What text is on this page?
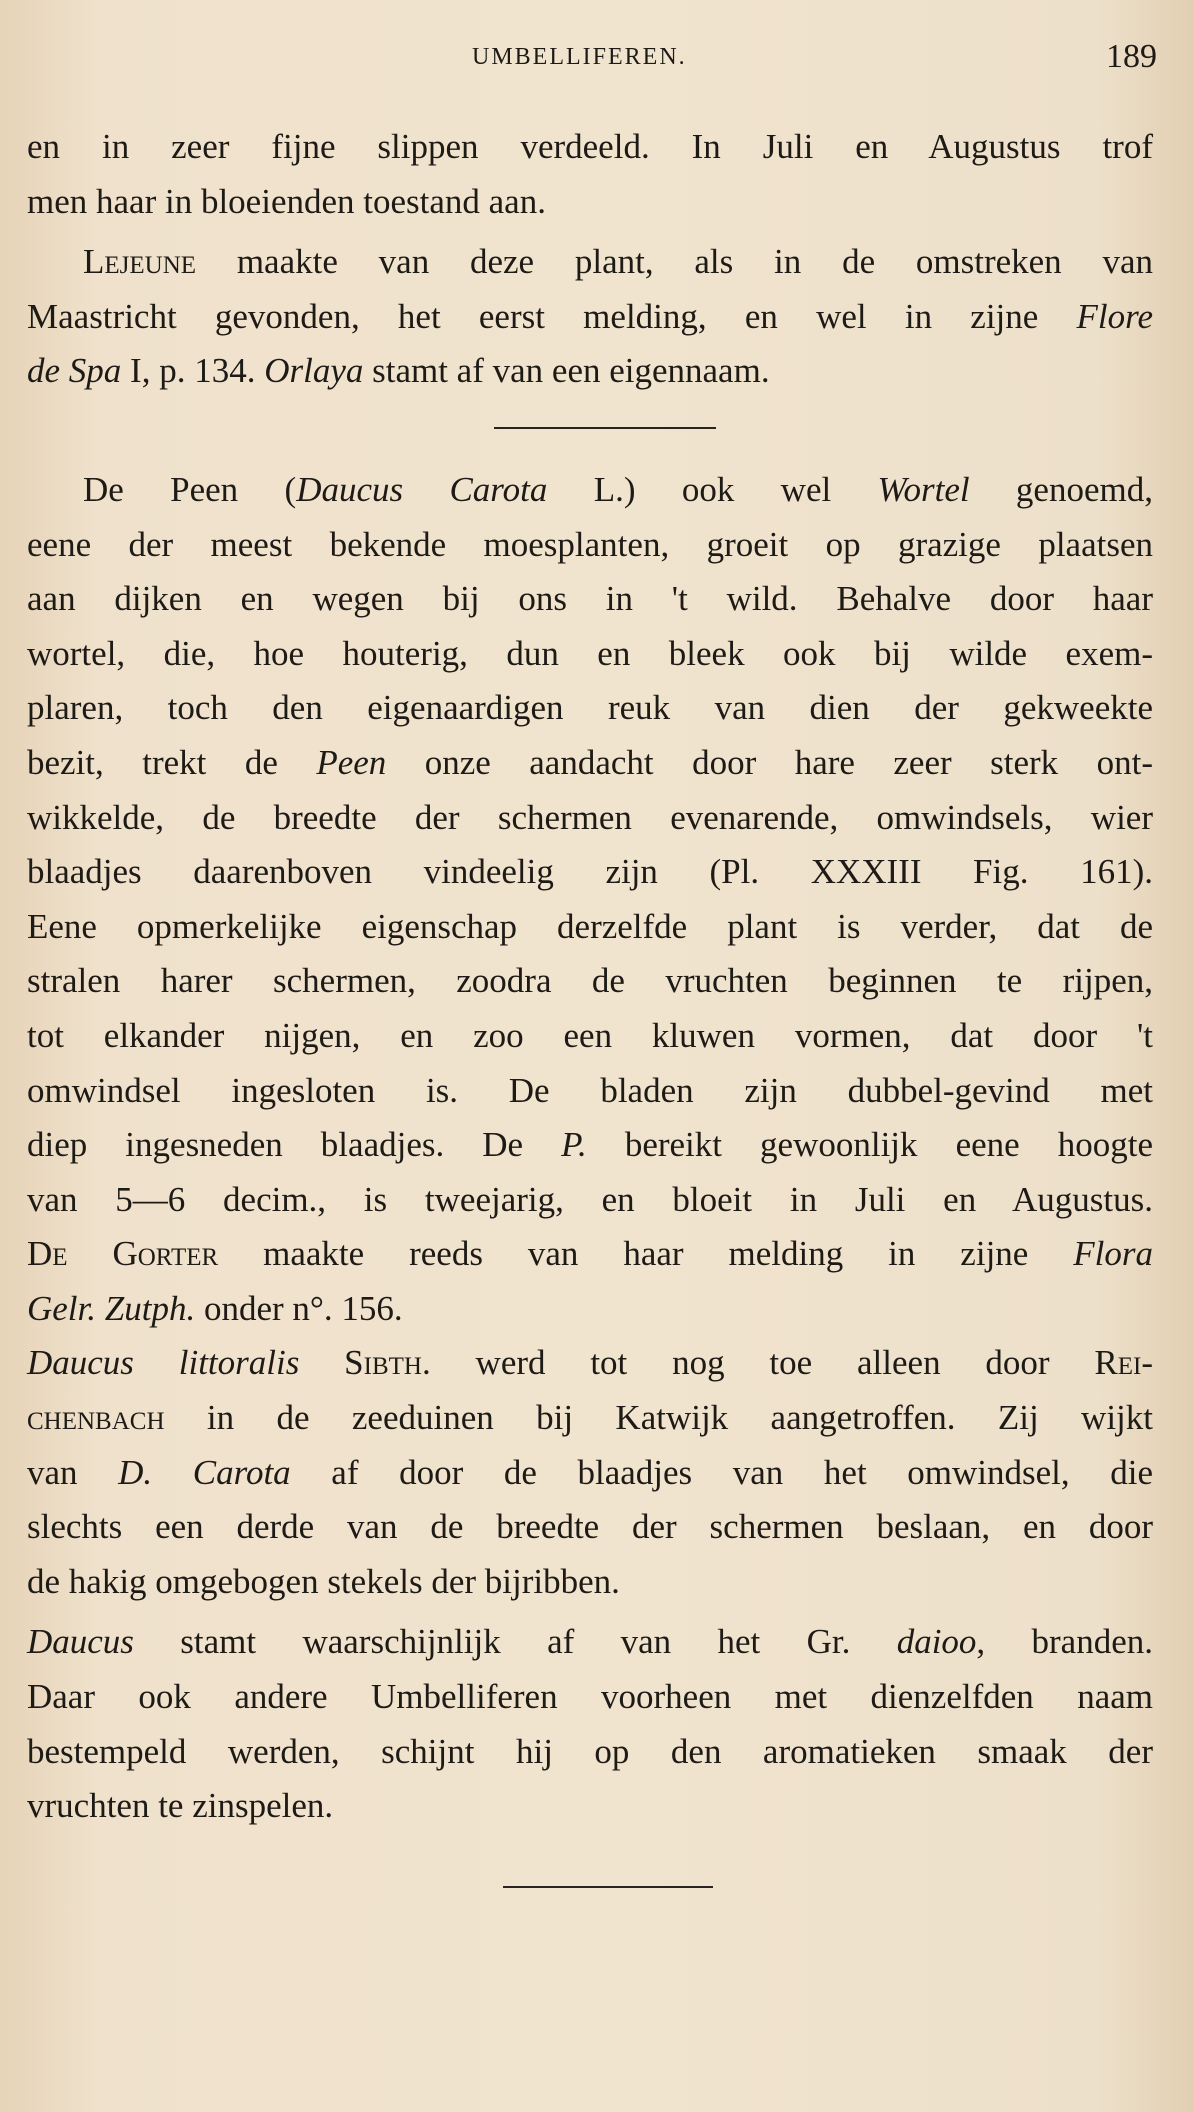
UMBELLIFEREN.	189

en in zeer fijne slippen verdeeld. In Juli en Augustus trof
men haar in bloeienden toestand aan.

Lejeune maakte van deze plant, als in de omstreken van
Maastricht gevonden, het eerst melding, en wel in zijne Flore
de Spa I, p. 134. Orlaya stamt af van een eigennaam.

De Peen (Daucus Carota L.) ook wel Wortel genoemd,
eene der meest bekende moesplanten, groeit op grazige plaatsen
aan dijken en wegen bij ons in 't wild. Behalve door haar
wortel, die, hoe houterig, dun en bleek ook bij wilde exem-
plaren, toch den eigenaardigen reuk van dien der gekweekte
bezit, trekt de Peen onze aandacht door hare zeer sterk ont-
wikkelde, de breedte der schermen evenarende, omwindsels, wier
blaadjes daarenboven vindeelig zijn (Pl. XXXIII Fig. 161).
Eene opmerkelijke eigenschap derzelfde plant is verder, dat de
stralen harer schermen, zoodra de vruchten beginnen te rijpen,
tot elkander nijgen, en zoo een kluwen vormen, dat door 't
omwindsel ingesloten is. De bladen zijn dubbel-gevind met
diep ingesneden blaadjes. De P. bereikt gewoonlijk eene hoogte
van 5—6 decim., is tweejarig, en bloeit in Juli en Augustus.
De Gorter maakte reeds van haar melding in zijne Flora
Gelr. Zutph. onder n°. 156.

Daucus littoralis Sibth. werd tot nog toe alleen door Rei-
chenbach in de zeeduinen bij Katwijk aangetroffen. Zij wijkt
van D. Carota af door de blaadjes van het omwindsel, die
slechts een derde van de breedte der schermen beslaan, en door
de hakig omgebogen stekels der bijribben.

Daucus stamt waarschijnlijk af van het Gr. daioo, branden.
Daar ook andere Umbelliferen voorheen met dienzelfden naam
bestempeld werden, schijnt hij op den aromatieken smaak der
vruchten te zinspelen.
